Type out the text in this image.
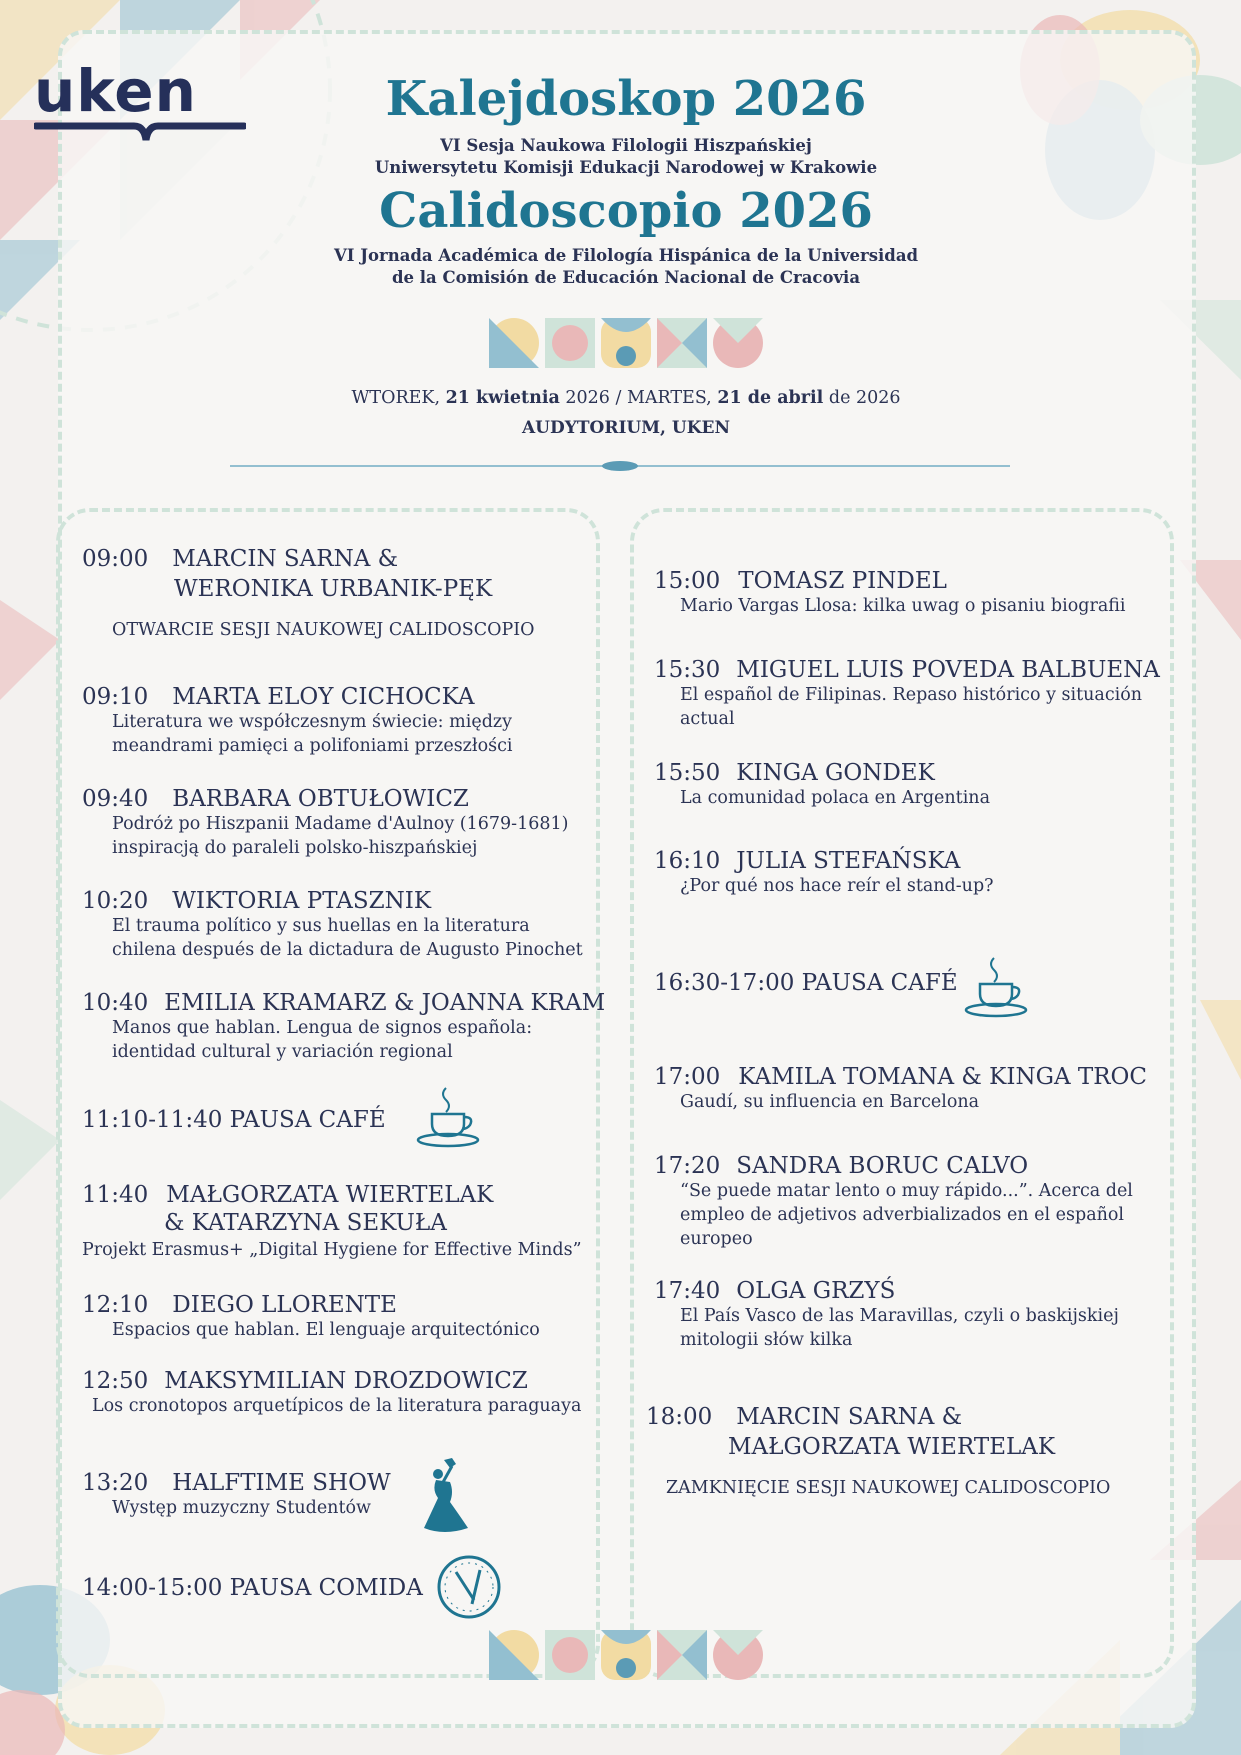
uken	Kalejdoskop 2026

VI Sesja Naukowa Filologii Hiszpańskiej

Uniwersytetu Komisji Edukacji Narodowej w Krakowie

Calidoscopio 2026

VI Jornada Académica de Filología Hispánica de la Universidad

de la Comisión de Educación Nacional de Cracovia

WTOREK, 21 kwietnia 2026 / MARTES, 21 de abril de 2026
AUDYTORIUM, UKEN
09:00 MARCIN SARNA &
WERONIKA URBANIK-PĘK
OTWARCIE SESJI NAUKOWEJ CALIDOSCOPIO
09:10 MARTA ELOY CICHOCKA
Literatura we współczesnym świecie: między
meandrami pamięci a polifoniami przeszłości
09:40 BARBARA OBTUŁOWICZ
Podróż po Hiszpanii Madame d'Aulnoy (1679-1681)
inspiracją do paraleli polsko-hiszpańskiej
10:20 WIKTORIA PTASZNIK
El trauma político y sus huellas en la literatura
chilena después de la dictadura de Augusto Pinochet
10:40 EMILIA KRAMARZ & JOANNA KRAM
Manos que hablan. Lengua de signos española:
identidad cultural y variación regional
11:10-11:40 PAUSA CAFÉ
11:40 MAŁGORZATA WIERTELAK
& KATARZYNA SEKUŁA
Projekt Erasmus+ „Digital Hygiene for Effective Minds”
12:10 DIEGO LLORENTE
Espacios que hablan. El lenguaje arquitectónico
12:50 MAKSYMILIAN DROZDOWICZ
Los cronotopos arquetípicos de la literatura paraguaya
13:20 HALFTIME SHOW
Występ muzyczny Studentów
14:00-15:00 PAUSA COMIDA
15:00 TOMASZ PINDEL
Mario Vargas Llosa: kilka uwag o pisaniu biografii
15:30 MIGUEL LUIS POVEDA BALBUENA
El español de Filipinas. Repaso histórico y situación
actual
15:50 KINGA GONDEK
La comunidad polaca en Argentina
16:10 JULIA STEFAŃSKA
¿Por qué nos hace reír el stand-up?
16:30-17:00 PAUSA CAFÉ
17:00 KAMILA TOMANA & KINGA TROC
Gaudí, su influencia en Barcelona
17:20 SANDRA BORUC CALVO
“Se puede matar lento o muy rápido...”. Acerca del
empleo de adjetivos adverbializados en el español
europeo
17:40 OLGA GRZYŚ
El País Vasco de las Maravillas, czyli o baskijskiej
mitologii słów kilka
18:00 MARCIN SARNA &
MAŁGORZATA WIERTELAK
ZAMKNIĘCIE SESJI NAUKOWEJ CALIDOSCOPIO
